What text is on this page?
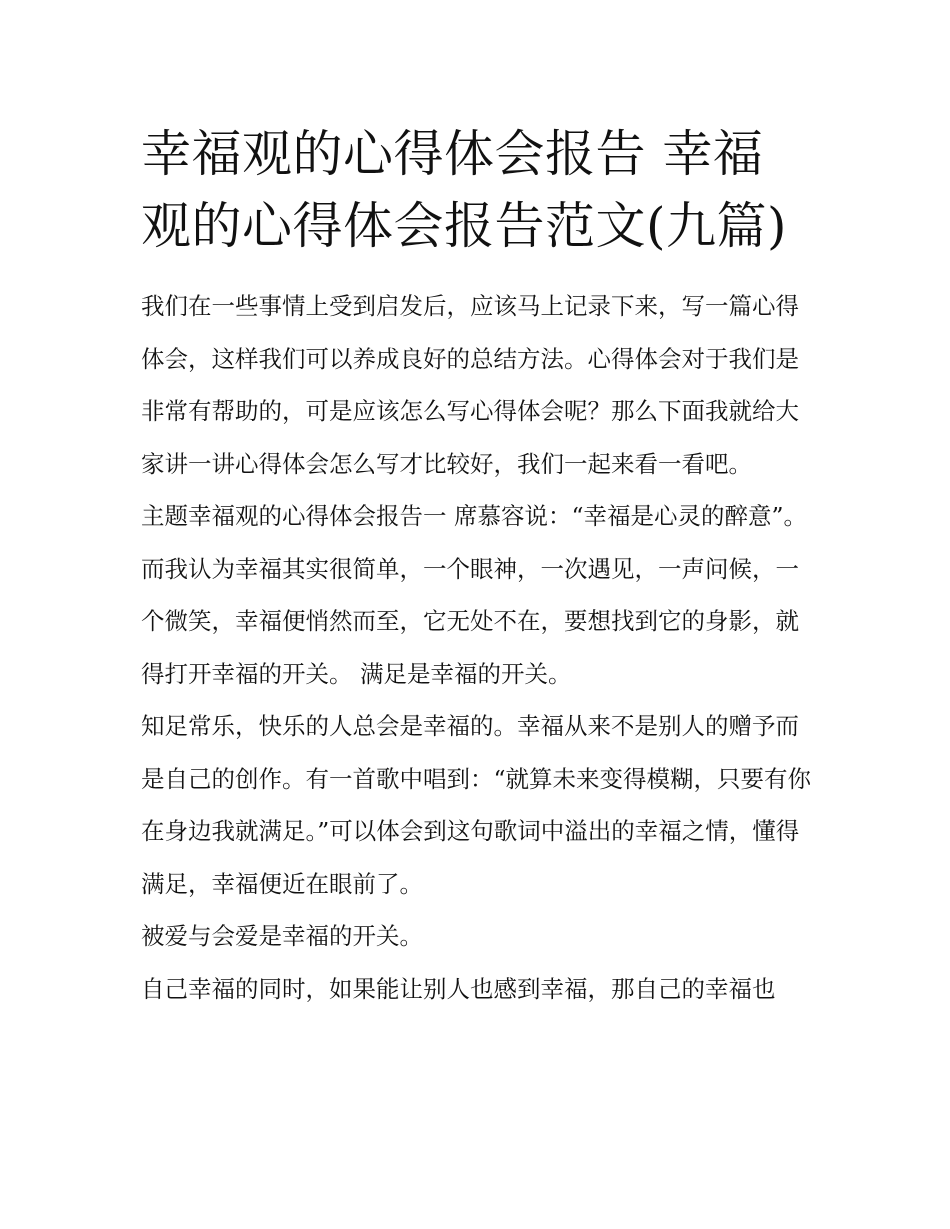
幸福观的心得体会报告 幸福观的心得体会报告范文(九篇)

我们在一些事情上受到启发后，应该马上记录下来，写一篇心得体会，这样我们可以养成良好的总结方法。心得体会对于我们是非常有帮助的，可是应该怎么写心得体会呢？那么下面我就给大家讲一讲心得体会怎么写才比较好，我们一起来看一看吧。

主题幸福观的心得体会报告一 席慕容说：“幸福是心灵的醉意”。

而我认为幸福其实很简单，一个眼神，一次遇见，一声问候，一个微笑，幸福便悄然而至，它无处不在，要想找到它的身影，就得打开幸福的开关。 满足是幸福的开关。

知足常乐，快乐的人总会是幸福的。幸福从来不是别人的赠予而是自己的创作。有一首歌中唱到：“就算未来变得模糊，只要有你在身边我就满足。”可以体会到这句歌词中溢出的幸福之情，懂得满足，幸福便近在眼前了。

被爱与会爱是幸福的开关。

自己幸福的同时，如果能让别人也感到幸福，那自己的幸福也
